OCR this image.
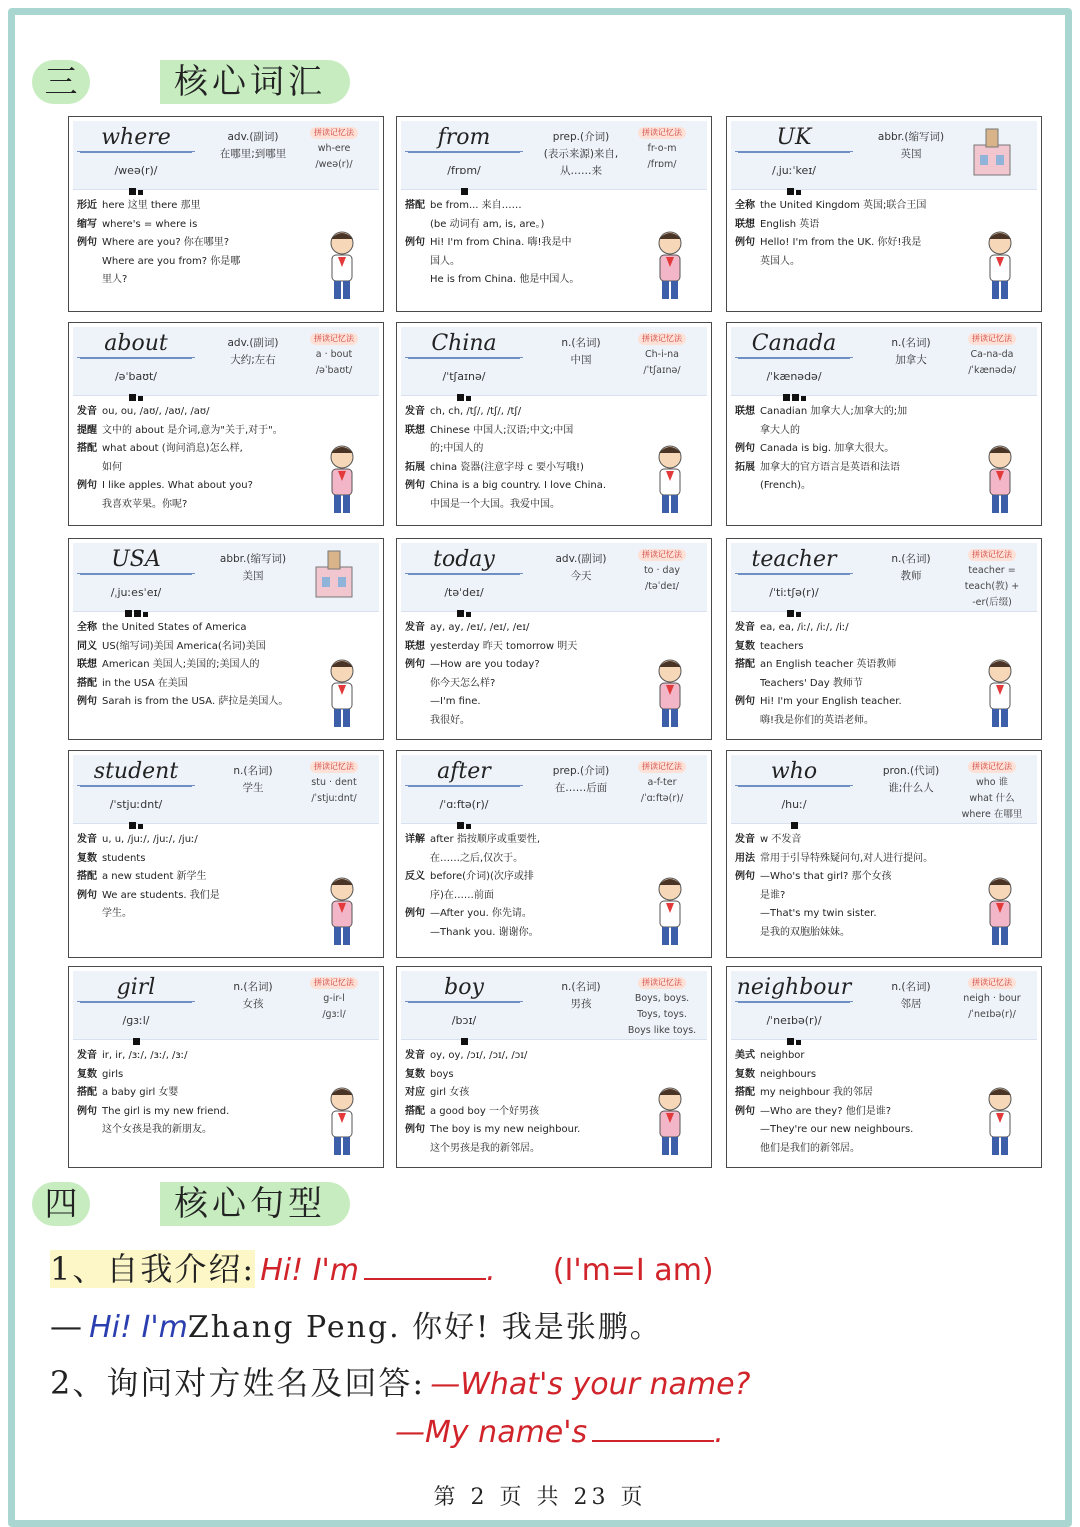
三	核心词汇
where
/weə(r)/
adv.(副词)
在哪里;到哪里
拼读记忆法
wh-ere
/weə(r)/
形近 here 这里 there 那里
缩写 where's = where is
例句 Where are you? 你在哪里?
Where are you from? 你是哪
里人?
from
/frɒm/
prep.(介词)
(表示来源)来自,从……来
拼读记忆法
fr-o-m
/frɒm/
搭配 be from... 来自……
(be 动词有 am, is, are。)
例句 Hi! I'm from China. 嗨!我是中
国人。
He is from China. 他是中国人。
UK
/ˌjuːˈkeɪ/
abbr.(缩写词)
英国
全称 the United Kingdom 英国;联合王国
联想 English 英语
例句 Hello! I'm from the UK. 你好!我是
英国人。
about
/əˈbaʊt/
adv.(副词)
大约;左右
拼读记忆法
a · bout
/əˈbaʊt/
发音 ou, ou, /aʊ/, /aʊ/, /aʊ/
提醒 文中的 about 是介词,意为"关于,对于"。
搭配 what about (询问消息)怎么样,
如何
例句 I like apples. What about you?
我喜欢苹果。你呢?
China
/ˈtʃaɪnə/
n.(名词)
中国
拼读记忆法
Ch-i-na
/ˈtʃaɪnə/
发音 ch, ch, /tʃ/, /tʃ/, /tʃ/
联想 Chinese 中国人;汉语;中文;中国
的;中国人的
拓展 china 瓷器(注意字母 c 要小写哦!)
例句 China is a big country. I love China.
中国是一个大国。我爱中国。
Canada
/ˈkænədə/
n.(名词)
加拿大
拼读记忆法
Ca-na-da
/ˈkænədə/
联想 Canadian 加拿大人;加拿大的;加
拿大人的
例句 Canada is big. 加拿大很大。
拓展 加拿大的官方语言是英语和法语
(French)。
USA
/ˌjuːesˈeɪ/
abbr.(缩写词)
美国
全称 the United States of America
同义 US(缩写词)美国 America(名词)美国
联想 American 美国人;美国的;美国人的
搭配 in the USA 在美国
例句 Sarah is from the USA. 萨拉是美国人。
today
/təˈdeɪ/
adv.(副词)
今天
拼读记忆法
to · day
/təˈdeɪ/
发音 ay, ay, /eɪ/, /eɪ/, /eɪ/
联想 yesterday 昨天 tomorrow 明天
例句 —How are you today?
你今天怎么样?
—I'm fine.
我很好。
teacher
/ˈtiːtʃə(r)/
n.(名词)
教师
拼读记忆法
teacher =
teach(教) +
-er(后缀)
发音 ea, ea, /iː/, /iː/, /iː/
复数 teachers
搭配 an English teacher 英语教师
Teachers' Day 教师节
例句 Hi! I'm your English teacher.
嗨!我是你们的英语老师。
student
/ˈstjuːdnt/
n.(名词)
学生
拼读记忆法
stu · dent
/ˈstjuːdnt/
发音 u, u, /juː/, /juː/, /juː/
复数 students
搭配 a new student 新学生
例句 We are students. 我们是
学生。
after
/ˈɑːftə(r)/
prep.(介词)
在……后面
拼读记忆法
a-f-ter
/ˈɑːftə(r)/
详解 after 指按顺序或重要性,
在……之后,仅次于。
反义 before(介词)(次序或排
序)在……前面
例句 —After you. 你先请。
—Thank you. 谢谢你。
who
/huː/
pron.(代词)
谁;什么人
拼读记忆法
who 谁
what 什么
where 在哪里
发音 w 不发音
用法 常用于引导特殊疑问句,对人进行提问。
例句 —Who's that girl? 那个女孩
是谁?
—That's my twin sister.
是我的双胞胎妹妹。
girl
/ɡɜːl/
n.(名词)
女孩
拼读记忆法
g-ir-l
/ɡɜːl/
发音 ir, ir, /ɜː/, /ɜː/, /ɜː/
复数 girls
搭配 a baby girl 女婴
例句 The girl is my new friend.
这个女孩是我的新朋友。
boy
/bɔɪ/
n.(名词)
男孩
拼读记忆法
Boys, boys.
Toys, toys.
Boys like toys.
发音 oy, oy, /ɔɪ/, /ɔɪ/, /ɔɪ/
复数 boys
对应 girl 女孩
搭配 a good boy 一个好男孩
例句 The boy is my new neighbour.
这个男孩是我的新邻居。
neighbour
/ˈneɪbə(r)/
n.(名词)
邻居
拼读记忆法
neigh · bour
/ˈneɪbə(r)/
美式 neighbor
复数 neighbours
搭配 my neighbour 我的邻居
例句 —Who are they? 他们是谁?
—They're our new neighbours.
他们是我们的新邻居。
四	核心句型
1、自我介绍: Hi! I'm	. (I'm=I am)
— Hi! I'mZhang Peng. 你好! 我是张鹏。
2、询问对方姓名及回答: —What's your name?
—My name's	.
第 2 页 共 23 页
